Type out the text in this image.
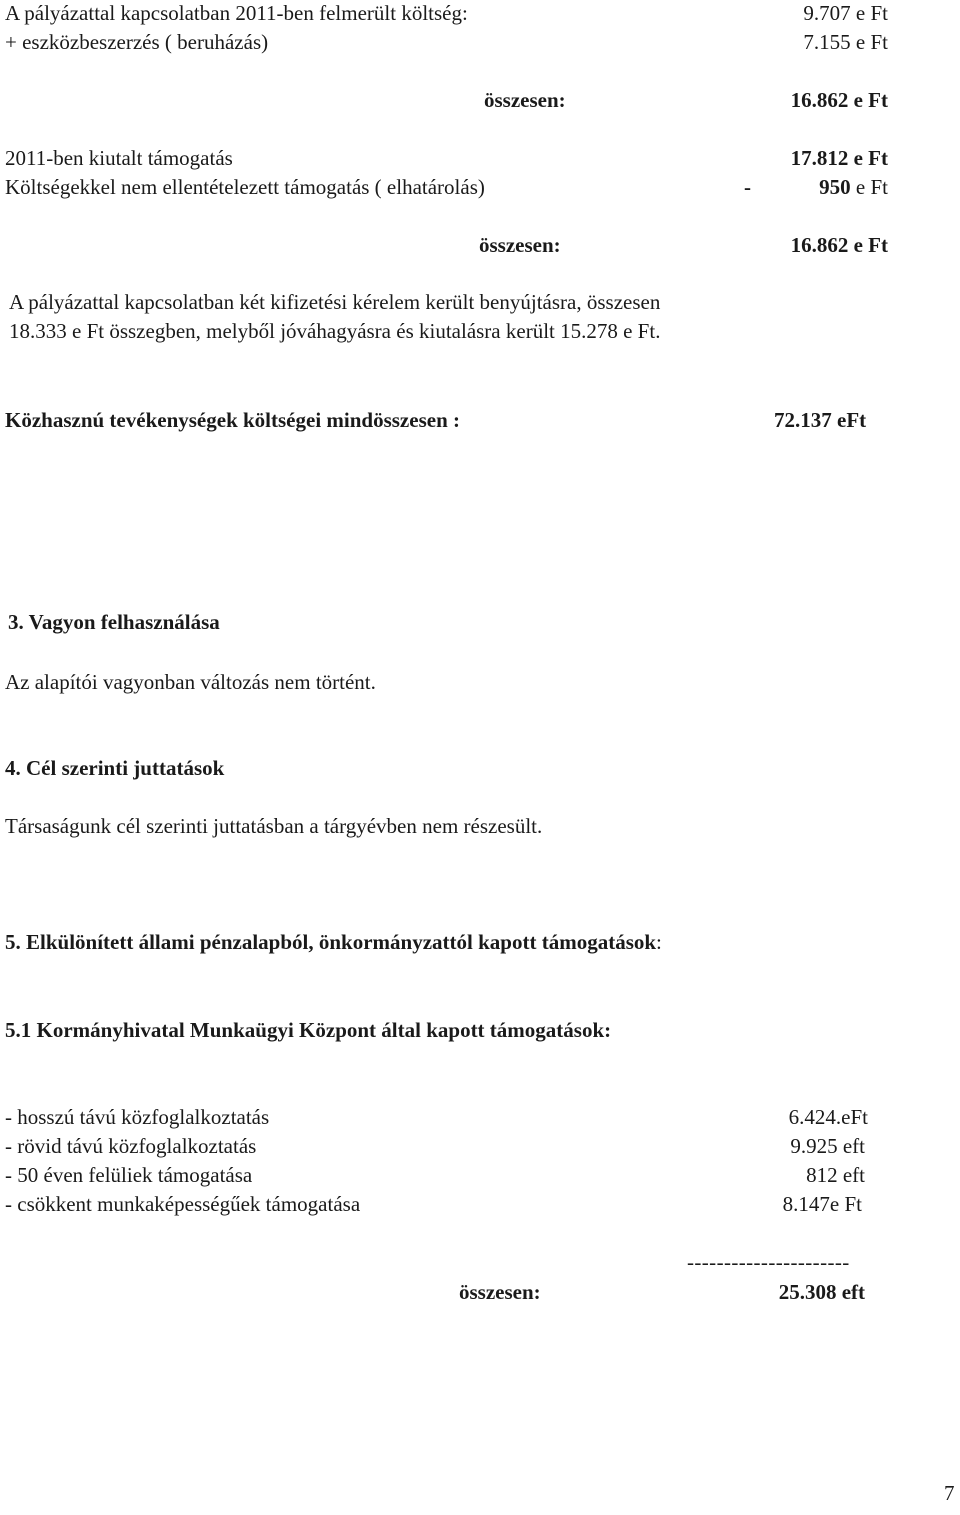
A pályázattal kapcsolatban 2011-ben felmerült költség:	9.707 e Ft
+ eszközbeszerzés ( beruházás)	7.155 e Ft
összesen:	16.862 e Ft
2011-ben kiutalt támogatás	17.812 e Ft
Költségekkel nem ellentételezett támogatás ( elhatárolás)	-	950 e Ft
összesen:	16.862 e Ft
A pályázattal kapcsolatban két kifizetési kérelem került benyújtásra, összesen
18.333 e Ft összegben, melyből jóváhagyásra és kiutalásra került 15.278 e Ft.
Közhasznú tevékenységek költségei mindösszesen :	72.137 eFt
3. Vagyon felhasználása
Az alapítói vagyonban változás nem történt.
4. Cél szerinti juttatások
Társaságunk cél szerinti juttatásban a tárgyévben nem részesült.
5. Elkülönített állami pénzalapból, önkormányzattól kapott támogatások:
5.1 Kormányhivatal Munkaügyi Központ által kapott támogatások:
- hosszú távú közfoglalkoztatás	6.424.eFt
- rövid távú közfoglalkoztatás	9.925 eft
- 50 éven felüliek támogatása	812 eft
- csökkent munkaképességűek támogatása	8.147e Ft
----------------------
összesen:	25.308 eft
7
